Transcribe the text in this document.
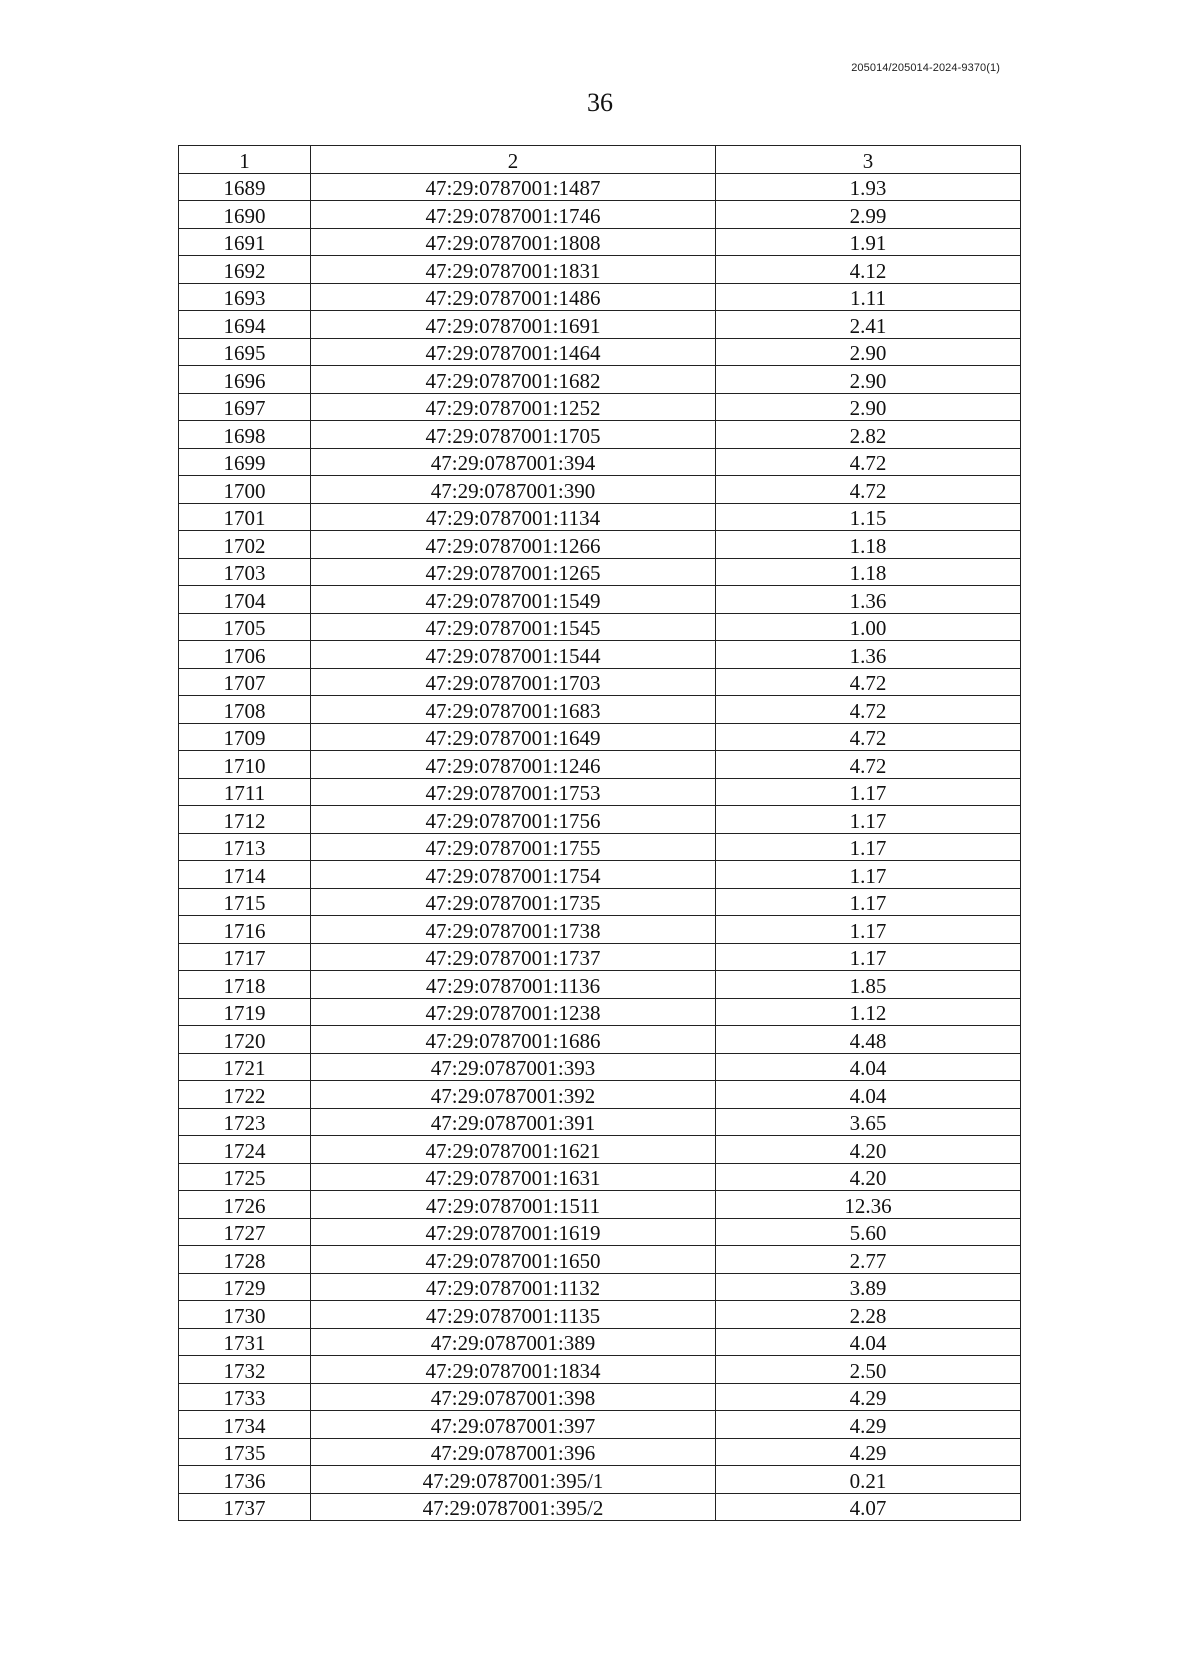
205014/205014-2024-9370(1)
36
1	2	3
1689	47:29:0787001:1487	1.93
1690	47:29:0787001:1746	2.99
1691	47:29:0787001:1808	1.91
1692	47:29:0787001:1831	4.12
1693	47:29:0787001:1486	1.11
1694	47:29:0787001:1691	2.41
1695	47:29:0787001:1464	2.90
1696	47:29:0787001:1682	2.90
1697	47:29:0787001:1252	2.90
1698	47:29:0787001:1705	2.82
1699	47:29:0787001:394	4.72
1700	47:29:0787001:390	4.72
1701	47:29:0787001:1134	1.15
1702	47:29:0787001:1266	1.18
1703	47:29:0787001:1265	1.18
1704	47:29:0787001:1549	1.36
1705	47:29:0787001:1545	1.00
1706	47:29:0787001:1544	1.36
1707	47:29:0787001:1703	4.72
1708	47:29:0787001:1683	4.72
1709	47:29:0787001:1649	4.72
1710	47:29:0787001:1246	4.72
1711	47:29:0787001:1753	1.17
1712	47:29:0787001:1756	1.17
1713	47:29:0787001:1755	1.17
1714	47:29:0787001:1754	1.17
1715	47:29:0787001:1735	1.17
1716	47:29:0787001:1738	1.17
1717	47:29:0787001:1737	1.17
1718	47:29:0787001:1136	1.85
1719	47:29:0787001:1238	1.12
1720	47:29:0787001:1686	4.48
1721	47:29:0787001:393	4.04
1722	47:29:0787001:392	4.04
1723	47:29:0787001:391	3.65
1724	47:29:0787001:1621	4.20
1725	47:29:0787001:1631	4.20
1726	47:29:0787001:1511	12.36
1727	47:29:0787001:1619	5.60
1728	47:29:0787001:1650	2.77
1729	47:29:0787001:1132	3.89
1730	47:29:0787001:1135	2.28
1731	47:29:0787001:389	4.04
1732	47:29:0787001:1834	2.50
1733	47:29:0787001:398	4.29
1734	47:29:0787001:397	4.29
1735	47:29:0787001:396	4.29
1736	47:29:0787001:395/1	0.21
1737	47:29:0787001:395/2	4.07
